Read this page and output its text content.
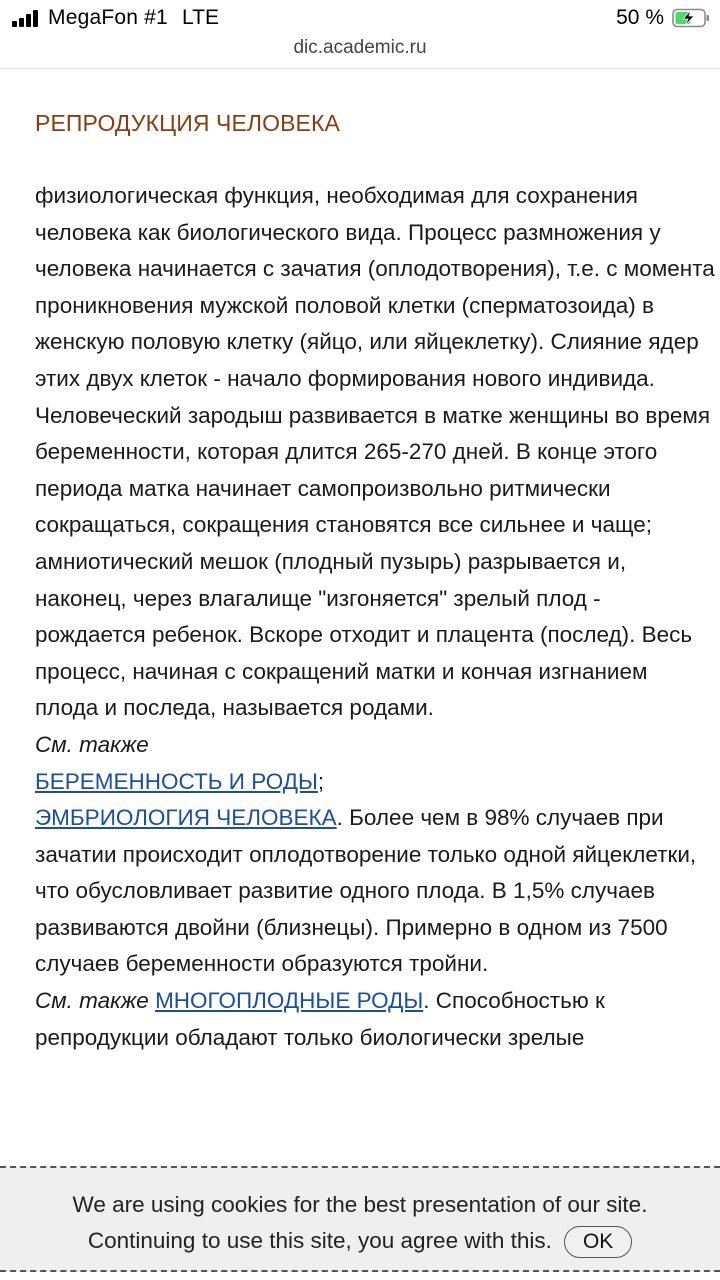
MegaFon #1 LTE	50 %
dic.academic.ru
РЕПРОДУКЦИЯ ЧЕЛОВЕКА
физиологическая функция, необходимая для сохранения человека как биологического вида. Процесс размножения у человека начинается с зачатия (оплодотворения), т.е. с момента проникновения мужской половой клетки (сперматозоида) в женскую половую клетку (яйцо, или яйцеклетку). Слияние ядер этих двух клеток - начало формирования нового индивида. Человеческий зародыш развивается в матке женщины во время беременности, которая длится 265-270 дней. В конце этого периода матка начинает самопроизвольно ритмически сокращаться, сокращения становятся все сильнее и чаще; амниотический мешок (плодный пузырь) разрывается и, наконец, через влагалище "изгоняется" зрелый плод - рождается ребенок. Вскоре отходит и плацента (послед). Весь процесс, начиная с сокращений матки и кончая изгнанием плода и последа, называется родами.
См. также
БЕРЕМЕННОСТЬ И РОДЫ;
ЭМБРИОЛОГИЯ ЧЕЛОВЕКА. Более чем в 98% случаев при зачатии происходит оплодотворение только одной яйцеклетки, что обусловливает развитие одного плода. В 1,5% случаев развиваются двойни (близнецы). Примерно в одном из 7500 случаев беременности образуются тройни.
См. также МНОГОПЛОДНЫЕ РОДЫ. Способностью к репродукции обладают только биологически зрелые
We are using cookies for the best presentation of our site.
Continuing to use this site, you agree with this. OK
